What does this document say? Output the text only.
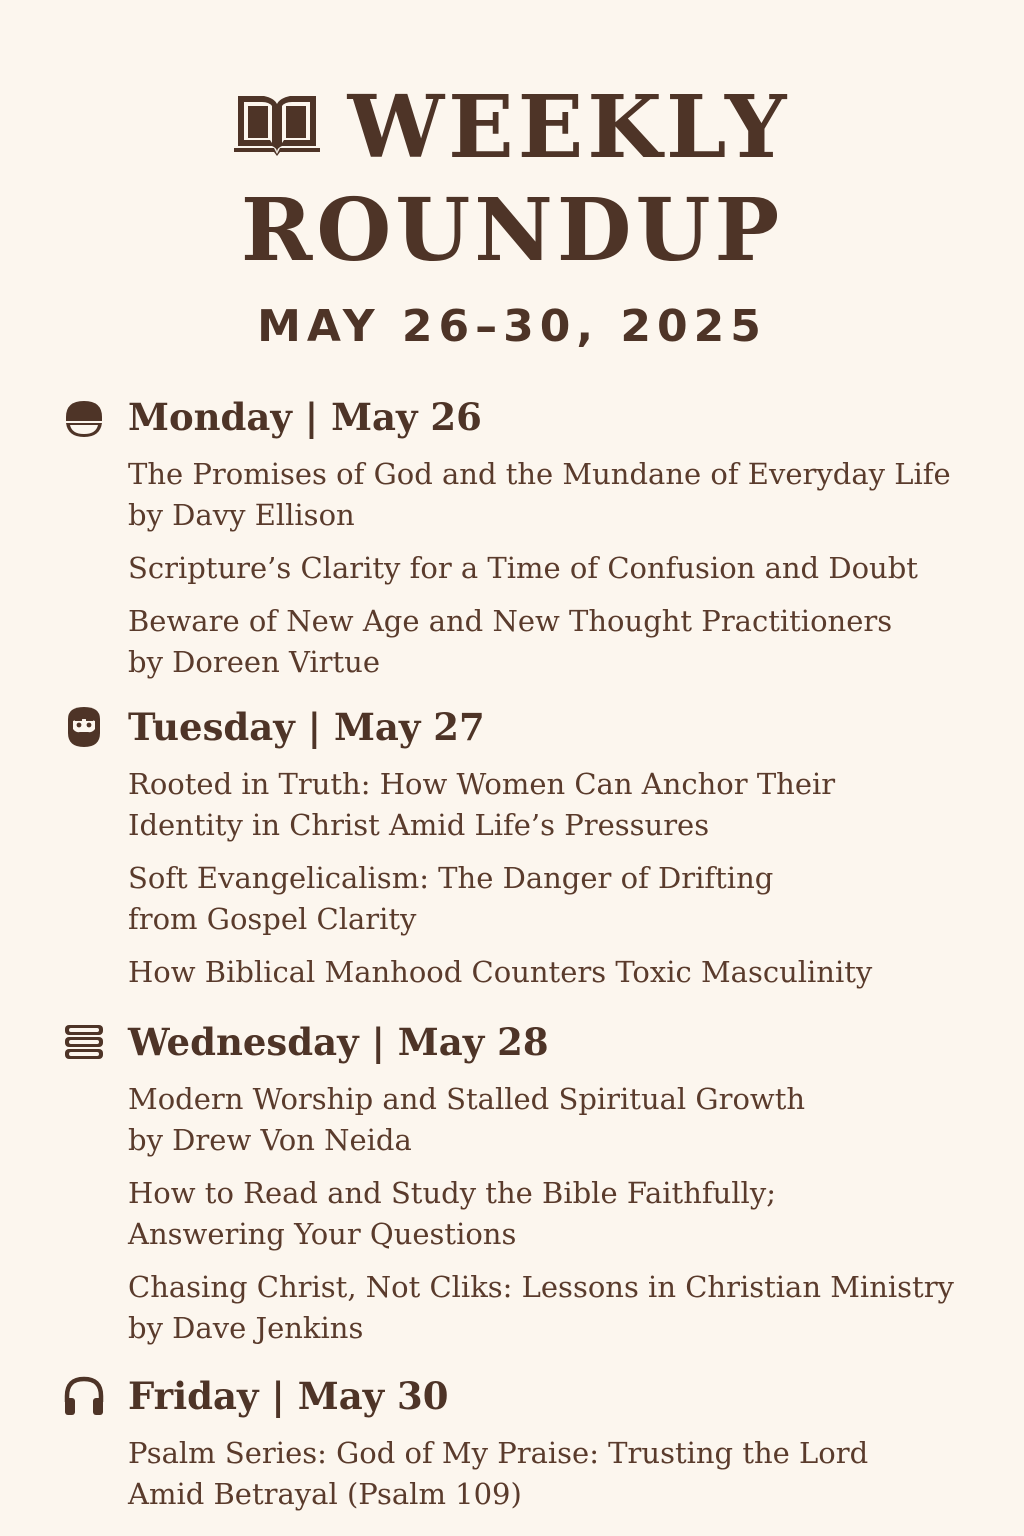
WEEKLY
ROUNDUP
MAY 26–30, 2025
Monday | May 26
The Promises of God and the Mundane of Everyday Life
by Davy Ellison
Scripture’s Clarity for a Time of Confusion and Doubt
Beware of New Age and New Thought Practitioners
by Doreen Virtue
Tuesday | May 27
Rooted in Truth: How Women Can Anchor Their
Identity in Christ Amid Life’s Pressures
Soft Evangelicalism: The Danger of Drifting
from Gospel Clarity
How Biblical Manhood Counters Toxic Masculinity
Wednesday | May 28
Modern Worship and Stalled Spiritual Growth
by Drew Von Neida
How to Read and Study the Bible Faithfully;
Answering Your Questions
Chasing Christ, Not Cliks: Lessons in Christian Ministry
by Dave Jenkins
Friday | May 30
Psalm Series: God of My Praise: Trusting the Lord
Amid Betrayal (Psalm 109)
